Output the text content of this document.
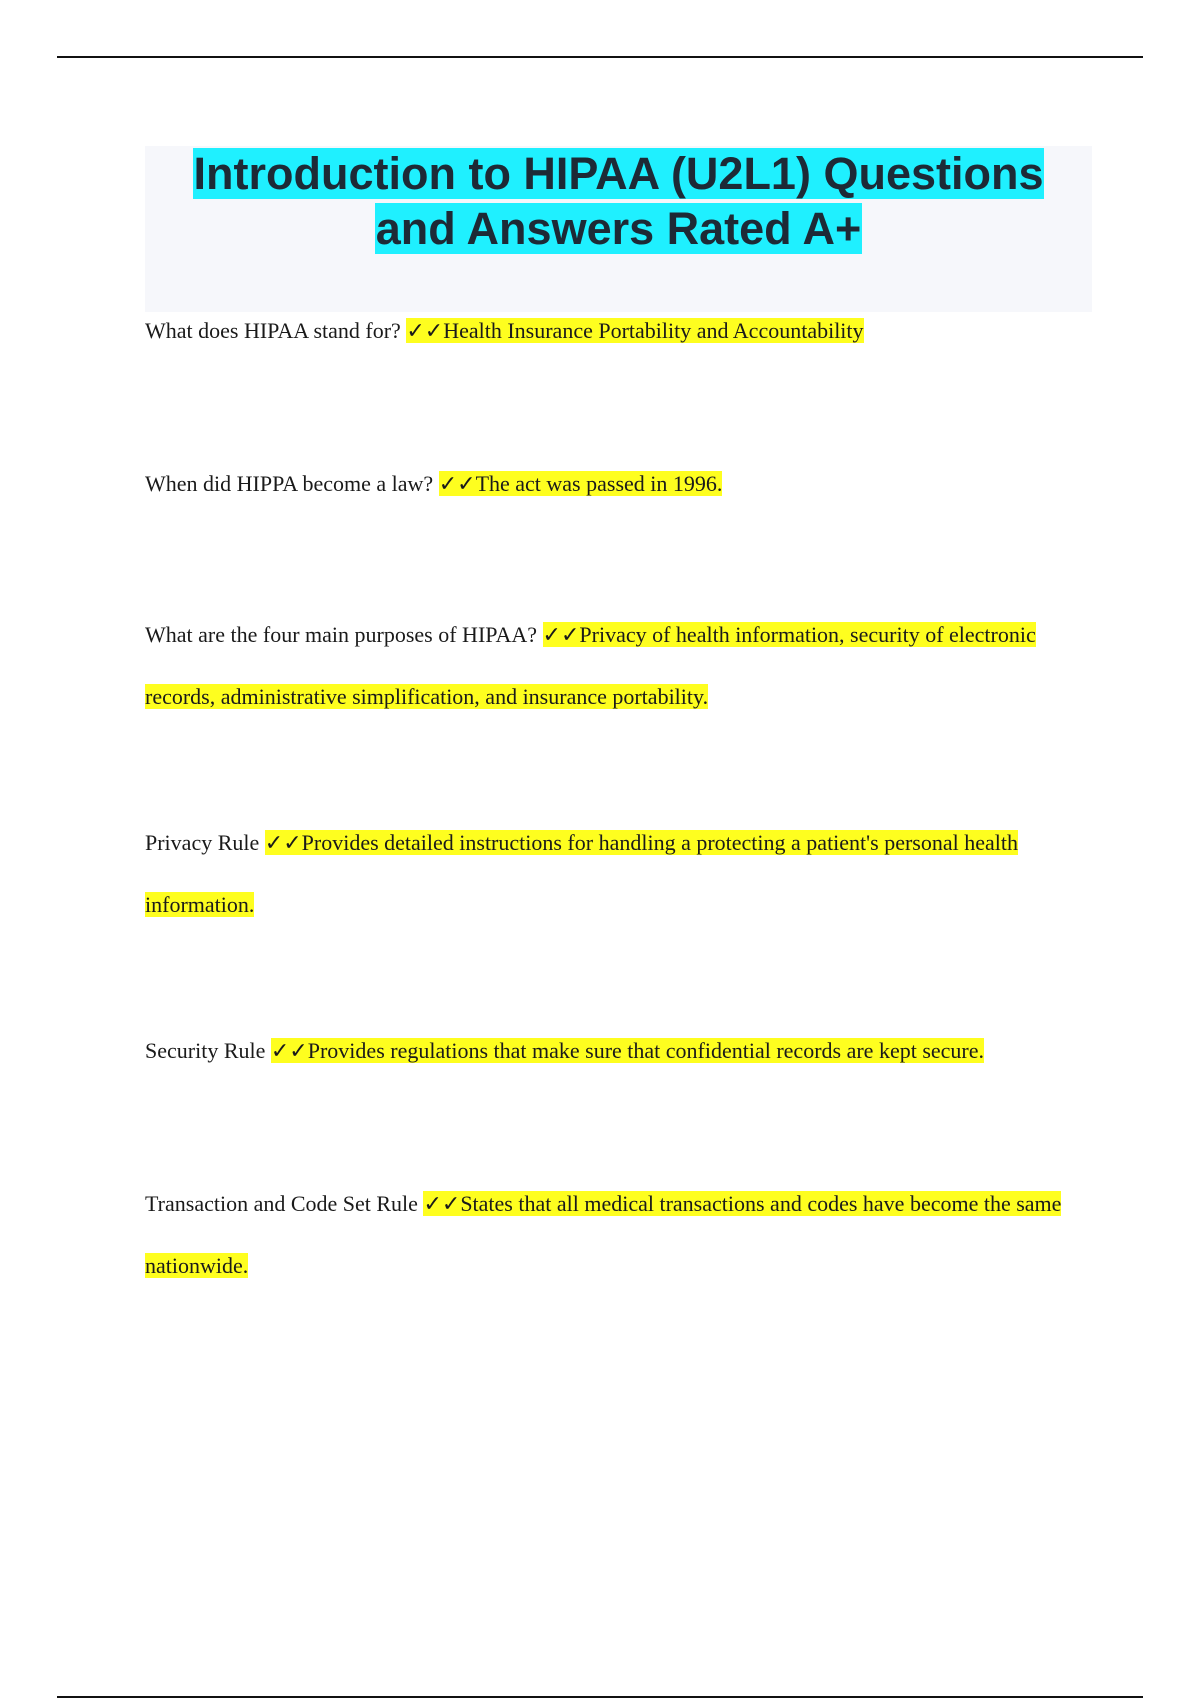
Introduction to HIPAA (U2L1) Questions
and Answers Rated A+

What does HIPAA stand for? ✓✓Health Insurance Portability and Accountability

When did HIPPA become a law? ✓✓The act was passed in 1996.

What are the four main purposes of HIPAA? ✓✓Privacy of health information, security of electronic records, administrative simplification, and insurance portability.

Privacy Rule ✓✓Provides detailed instructions for handling a protecting a patient's personal health information.

Security Rule ✓✓Provides regulations that make sure that confidential records are kept secure.

Transaction and Code Set Rule ✓✓States that all medical transactions and codes have become the same nationwide.
